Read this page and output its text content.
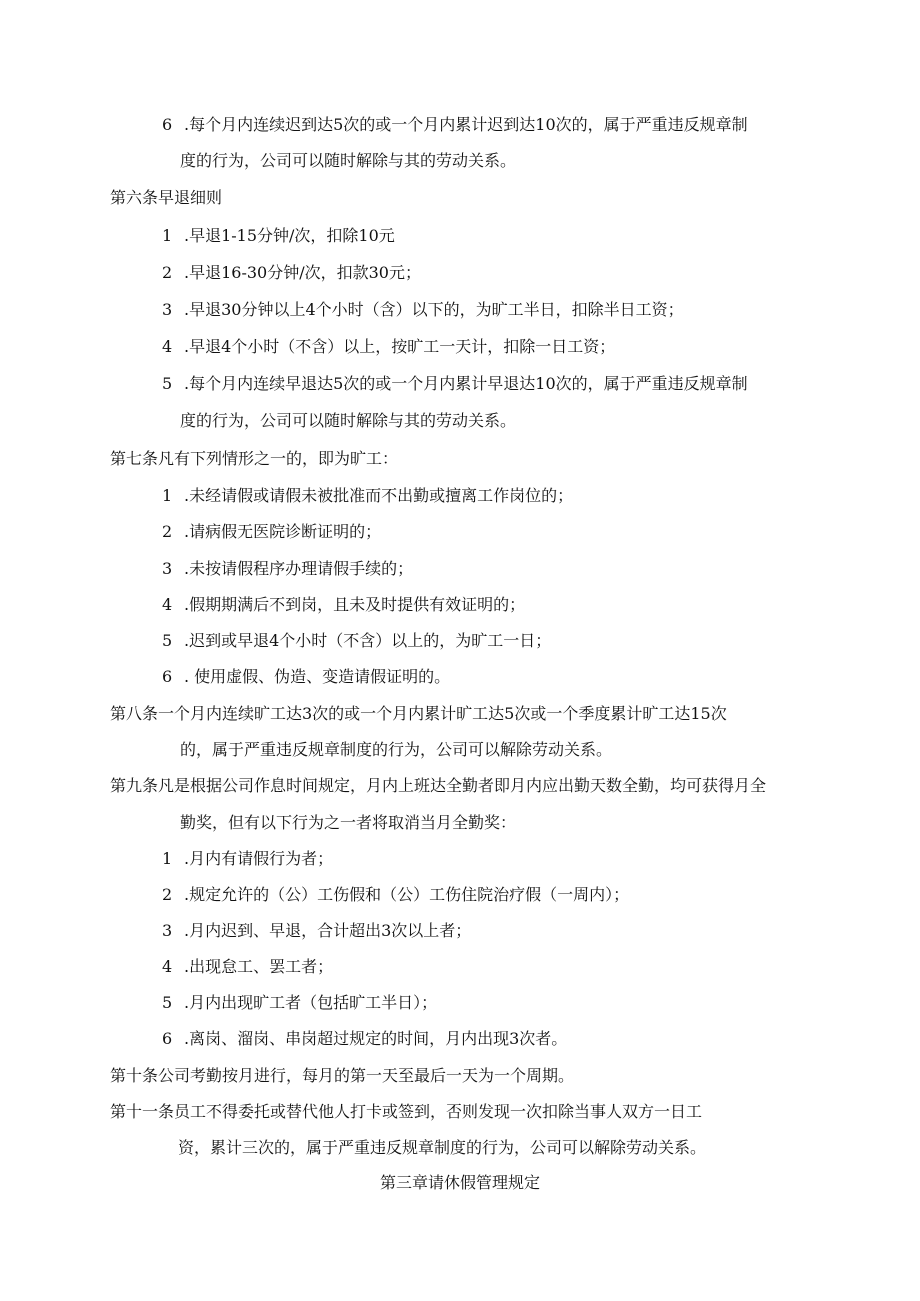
6 .每个月内连续迟到达5次的或一个月内累计迟到达10次的，属于严重违反规章制
度的行为，公司可以随时解除与其的劳动关系。
第六条早退细则
1 .早退1-15分钟/次，扣除10元
2 .早退16-30分钟/次，扣款30元；
3 .早退30分钟以上4个小时（含）以下的，为旷工半日，扣除半日工资；
4 .早退4个小时（不含）以上，按旷工一天计，扣除一日工资；
5 .每个月内连续早退达5次的或一个月内累计早退达10次的，属于严重违反规章制
度的行为，公司可以随时解除与其的劳动关系。
第七条凡有下列情形之一的，即为旷工：
1 .未经请假或请假未被批准而不出勤或擅离工作岗位的；
2 .请病假无医院诊断证明的；
3 .未按请假程序办理请假手续的；
4 .假期期满后不到岗，且未及时提供有效证明的；
5 .迟到或早退4个小时（不含）以上的，为旷工一日；
6 . 使用虚假、伪造、变造请假证明的。
第八条一个月内连续旷工达3次的或一个月内累计旷工达5次或一个季度累计旷工达15次
的，属于严重违反规章制度的行为，公司可以解除劳动关系。
第九条凡是根据公司作息时间规定，月内上班达全勤者即月内应出勤天数全勤，均可获得月全
勤奖，但有以下行为之一者将取消当月全勤奖：
1 .月内有请假行为者；
2 .规定允许的（公）工伤假和（公）工伤住院治疗假（一周内）；
3 .月内迟到、早退，合计超出3次以上者；
4 .出现怠工、罢工者；
5 .月内出现旷工者（包括旷工半日）；
6 .离岗、溜岗、串岗超过规定的时间，月内出现3次者。
第十条公司考勤按月进行，每月的第一天至最后一天为一个周期。
第十一条员工不得委托或替代他人打卡或签到，否则发现一次扣除当事人双方一日工
资，累计三次的，属于严重违反规章制度的行为，公司可以解除劳动关系。
第三章请休假管理规定
